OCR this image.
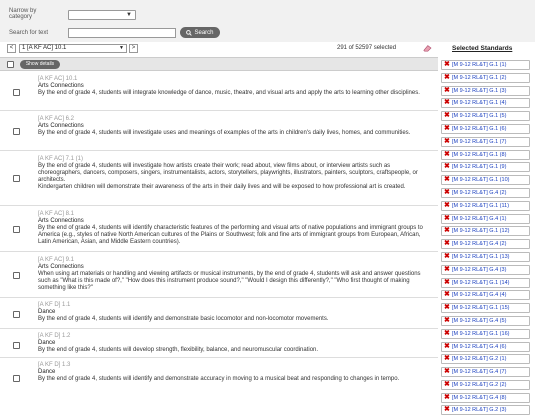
Narrow by category	▼
Search for text	Search
<	1 [A KF AC] 10.1	▼	>	291 of 52597 selected	Selected Standards
Show details
[A KF AC] 10.1
Arts Connections
By the end of grade 4, students will integrate knowledge of dance, music, theatre, and visual arts and apply the arts to learning other disciplines.
[A KF AC] 6.2
Arts Connections
By the end of grade 4, students will investigate uses and meanings of examples of the arts in children's daily lives, homes, and communities.
[A KF AC] 7.1 (1)
By the end of grade 4, students will investigate how artists create their work; read about, view films about, or interview artists such as choreographers, dancers, composers, singers, instrumentalists, actors, storytellers, playwrights, illustrators, painters, sculptors, craftspeople, or architects.
Kindergarten children will demonstrate their awareness of the arts in their daily lives and will be exposed to how professional art is created.
[A KF AC] 8.1
Arts Connections
By the end of grade 4, students will identify characteristic features of the performing and visual arts of native populations and immigrant groups to America (e.g., styles of native North American cultures of the Plains or Southwest; folk and fine arts of immigrant groups from European, African, Latin American, Asian, and Middle Eastern countries).
[A KF AC] 9.1
Arts Connections
When using art materials or handling and viewing artifacts or musical instruments, by the end of grade 4, students will ask and answer questions such as "What is this made of?," "How does this instrument produce sound?," "Would I design this differently?," "Who first thought of making something like this?"
[A KF D] 1.1
Dance
By the end of grade 4, students will identify and demonstrate basic locomotor and non-locomotor movements.
[A KF D] 1.2
Dance
By the end of grade 4, students will develop strength, flexibility, balance, and neuromuscular coordination.
[A KF D] 1.3
Dance
By the end of grade 4, students will identify and demonstrate accuracy in moving to a musical beat and responding to changes in tempo.
✖ [M 9-12 RL&T] G.1 (1)
✖ [M 9-12 RL&T] G.1 (2)
✖ [M 9-12 RL&T] G.1 (3)
✖ [M 9-12 RL&T] G.1 (4)
✖ [M 9-12 RL&T] G.1 (5)
✖ [M 9-12 RL&T] G.1 (6)
✖ [M 9-12 RL&T] G.1 (7)
✖ [M 9-12 RL&T] G.1 (8)
✖ [M 9-12 RL&T] G.1 (9)
✖ [M 9-12 RL&T] G.1 (10)
✖ [M 9-12 RL&T] G.4 (2)
✖ [M 9-12 RL&T] G.1 (11)
✖ [M 9-12 RL&T] G.4 (1)
✖ [M 9-12 RL&T] G.1 (12)
✖ [M 9-12 RL&T] G.4 (2)
✖ [M 9-12 RL&T] G.1 (13)
✖ [M 9-12 RL&T] G.4 (3)
✖ [M 9-12 RL&T] G.1 (14)
✖ [M 9-12 RL&T] G.4 (4)
✖ [M 9-12 RL&T] G.1 (15)
✖ [M 9-12 RL&T] G.4 (5)
✖ [M 9-12 RL&T] G.1 (16)
✖ [M 9-12 RL&T] G.4 (6)
✖ [M 9-12 RL&T] G.2 (1)
✖ [M 9-12 RL&T] G.4 (7)
✖ [M 9-12 RL&T] G.2 (2)
✖ [M 9-12 RL&T] G.4 (8)
✖ [M 9-12 RL&T] G.2 (3)
